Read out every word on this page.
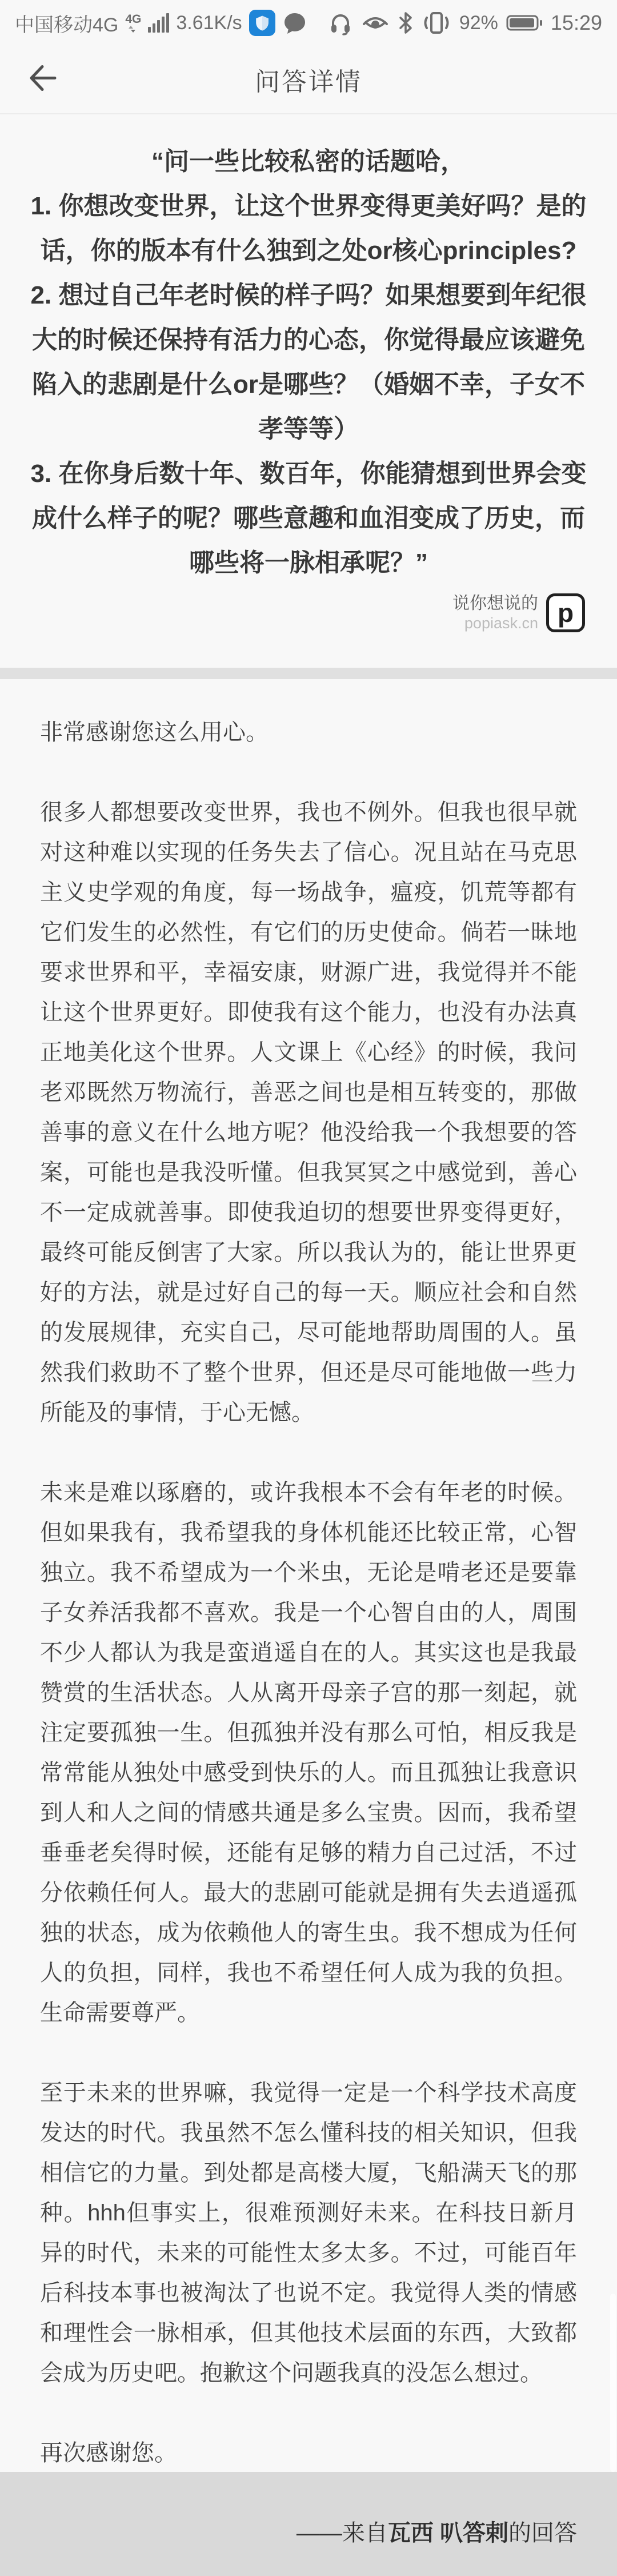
中国移动4G 4G 3.61K/s	92%	15:29
问答详情
“问一些比较私密的话题哈，
1. 你想改变世界，让这个世界变得更美好吗？是的话，你的版本有什么独到之处or核心principles?
2. 想过自己年老时候的样子吗？如果想要到年纪很大的时候还保持有活力的心态，你觉得最应该避免陷入的悲剧是什么or是哪些？（婚姻不幸，子女不孝等等）
3. 在你身后数十年、数百年，你能猜想到世界会变成什么样子的呢？哪些意趣和血泪变成了历史，而哪些将一脉相承呢？”
说你想说的
popiask.cn p

非常感谢您这么用心。

很多人都想要改变世界，我也不例外。但我也很早就对这种难以实现的任务失去了信心。况且站在马克思主义史学观的角度，每一场战争，瘟疫，饥荒等都有它们发生的必然性，有它们的历史使命。倘若一昧地要求世界和平，幸福安康，财源广进，我觉得并不能让这个世界更好。即使我有这个能力，也没有办法真正地美化这个世界。人文课上《心经》的时候，我问老邓既然万物流行，善恶之间也是相互转变的，那做善事的意义在什么地方呢？他没给我一个我想要的答案，可能也是我没听懂。但我冥冥之中感觉到，善心不一定成就善事。即使我迫切的想要世界变得更好，最终可能反倒害了大家。所以我认为的，能让世界更好的方法，就是过好自己的每一天。顺应社会和自然的发展规律，充实自己，尽可能地帮助周围的人。虽然我们救助不了整个世界，但还是尽可能地做一些力所能及的事情，于心无憾。

未来是难以琢磨的，或许我根本不会有年老的时候。但如果我有，我希望我的身体机能还比较正常，心智独立。我不希望成为一个米虫，无论是啃老还是要靠子女养活我都不喜欢。我是一个心智自由的人，周围不少人都认为我是蛮逍遥自在的人。其实这也是我最赞赏的生活状态。人从离开母亲子宫的那一刻起，就注定要孤独一生。但孤独并没有那么可怕，相反我是常常能从独处中感受到快乐的人。而且孤独让我意识到人和人之间的情感共通是多么宝贵。因而，我希望垂垂老矣得时候，还能有足够的精力自己过活，不过分依赖任何人。最大的悲剧可能就是拥有失去逍遥孤独的状态，成为依赖他人的寄生虫。我不想成为任何人的负担，同样，我也不希望任何人成为我的负担。生命需要尊严。

至于未来的世界嘛，我觉得一定是一个科学技术高度发达的时代。我虽然不怎么懂科技的相关知识，但我相信它的力量。到处都是高楼大厦，飞船满天飞的那种。hhh但事实上，很难预测好未来。在科技日新月异的时代，未来的可能性太多太多。不过，可能百年后科技本事也被淘汰了也说不定。我觉得人类的情感和理性会一脉相承，但其他技术层面的东西，大致都会成为历史吧。抱歉这个问题我真的没怎么想过。

再次感谢您。

——来自瓦西 叭答剌的回答
